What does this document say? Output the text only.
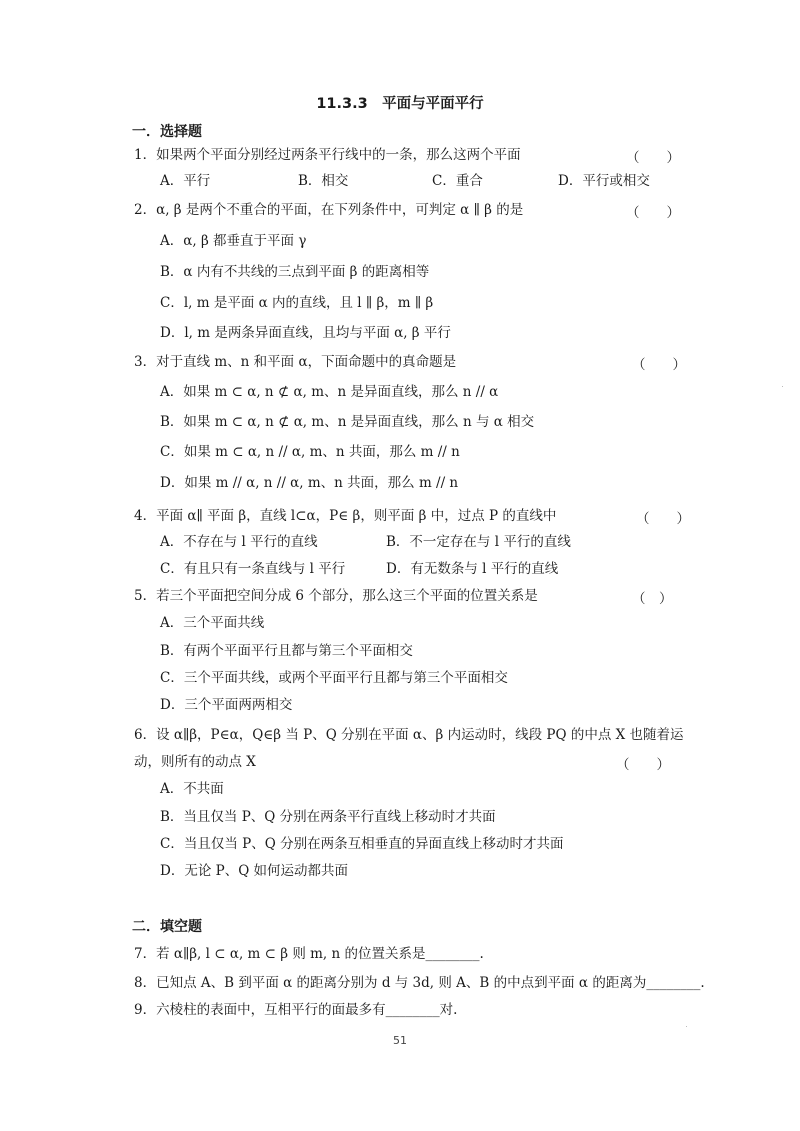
11.3.3　平面与平面平行
一．选择题
1．如果两个平面分别经过两条平行线中的一条，那么这两个平面	（　　）
A．平行	B．相交	C．重合	D．平行或相交
2．α, β 是两个不重合的平面，在下列条件中，可判定 α ∥ β 的是	（　　）
A．α, β 都垂直于平面 γ
B．α 内有不共线的三点到平面 β 的距离相等
C．l, m 是平面 α 内的直线，且 l ∥ β，m ∥ β
D．l, m 是两条异面直线，且均与平面 α, β 平行
3．对于直线 m、n 和平面 α，下面命题中的真命题是	（　　）
A．如果 m ⊂ α, n ⊄ α, m、n 是异面直线，那么 n // α
B．如果 m ⊂ α, n ⊄ α, m、n 是异面直线，那么 n 与 α 相交
C．如果 m ⊂ α, n // α, m、n 共面，那么 m // n
D．如果 m // α, n // α, m、n 共面，那么 m // n
4．平面 α∥ 平面 β，直线 l⊂α，P∈ β，则平面 β 中，过点 P 的直线中	（　　）
A．不存在与 l 平行的直线	B．不一定存在与 l 平行的直线
C．有且只有一条直线与 l 平行	D．有无数条与 l 平行的直线
5．若三个平面把空间分成 6 个部分，那么这三个平面的位置关系是	（　）
A．三个平面共线
B．有两个平面平行且都与第三个平面相交
C．三个平面共线，或两个平面平行且都与第三个平面相交
D．三个平面两两相交
6．设 α∥β，P∈α，Q∈β 当 P、Q 分别在平面 α、β 内运动时，线段 PQ 的中点 X 也随着运
动，则所有的动点 X	（　　）
A．不共面
B．当且仅当 P、Q 分别在两条平行直线上移动时才共面
C．当且仅当 P、Q 分别在两条互相垂直的异面直线上移动时才共面
D．无论 P、Q 如何运动都共面
二．填空题
7．若 α∥β, l ⊂ α, m ⊂ β 则 m, n 的位置关系是________.
8．已知点 A、B 到平面 α 的距离分别为 d 与 3d, 则 A、B 的中点到平面 α 的距离为________.
9．六棱柱的表面中，互相平行的面最多有________对.
51
